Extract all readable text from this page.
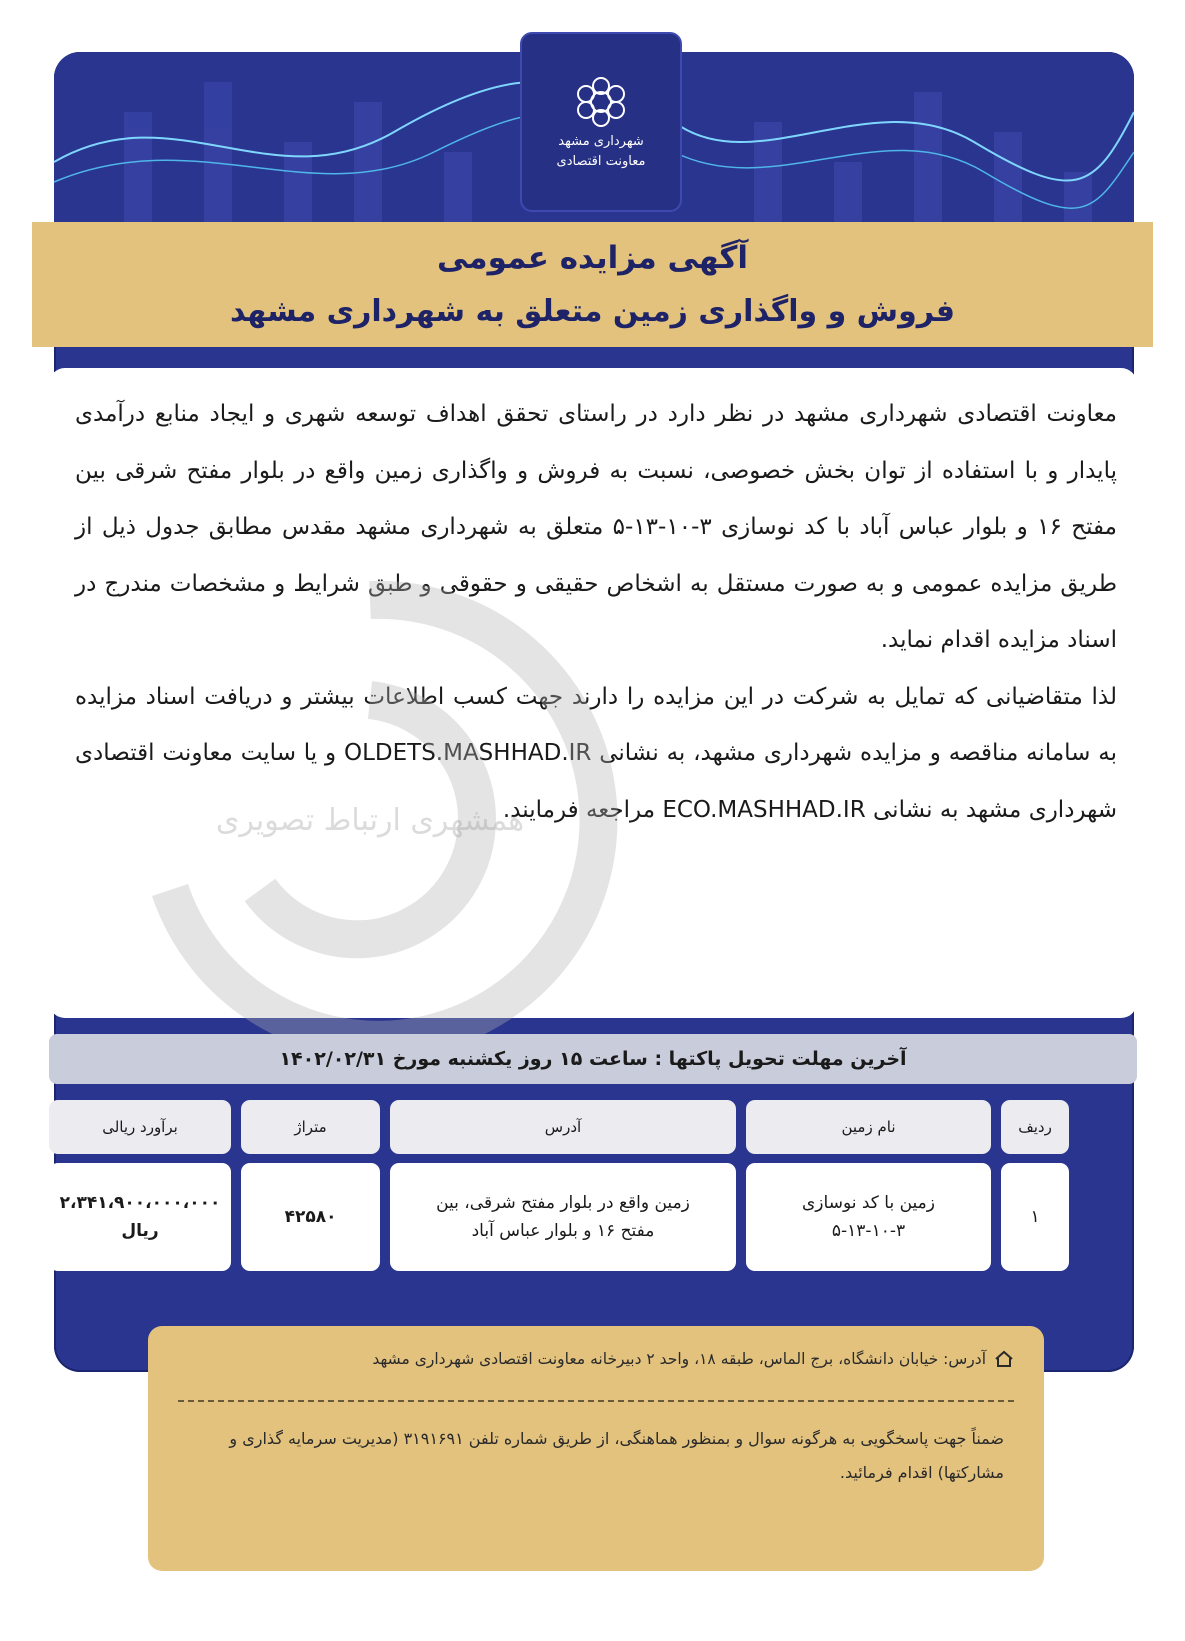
شهرداری مشهد
معاونت اقتصادی
آگهی مزایده عمومی
فروش و واگذاری زمین متعلق به شهرداری مشهد

معاونت اقتصادی شهرداری مشهد در نظر دارد در راستای تحقق اهداف توسعه شهری و ایجاد منابع درآمدی پایدار و با استفاده از توان بخش خصوصی، نسبت به فروش و واگذاری زمین واقع در بلوار مفتح شرقی بین مفتح ۱۶ و بلوار عباس آباد با کد نوسازی ۳-۱۰-۱۳-۵ متعلق به شهرداری مشهد مقدس مطابق جدول ذیل از طریق مزایده عمومی و به صورت مستقل به اشخاص حقیقی و حقوقی و طبق شرایط و مشخصات مندرج در اسناد مزایده اقدام نماید.

لذا متقاضیانی که تمایل به شرکت در این مزایده را دارند جهت کسب اطلاعات بیشتر و دریافت اسناد مزایده به سامانه مناقصه و مزایده شهرداری مشهد، به نشانی OLDETS.MASHHAD.IR و یا سایت معاونت اقتصادی شهرداری مشهد به نشانی ECO.MASHHAD.IR مراجعه فرمایند.

همشهری ارتباط تصویری
آخرین مهلت تحویل پاکتها : ساعت ۱۵ روز یکشنبه مورخ ۱۴۰۲/۰۲/۳۱
ردیف
نام زمین
آدرس
متراژ
برآورد ریالی
۱
زمین با کد نوسازی ۳-۱۰-۱۳-۵
زمین واقع در بلوار مفتح شرقی، بین مفتح ۱۶ و بلوار عباس آباد
۴۲۵۸۰
۲،۳۴۱،۹۰۰،۰۰۰،۰۰۰ ریال
آدرس: خیابان دانشگاه، برج الماس، طبقه ۱۸، واحد ۲ دبیرخانه معاونت اقتصادی شهرداری مشهد
ضمناً جهت پاسخگویی به هرگونه سوال و بمنظور هماهنگی، از طریق شماره تلفن ۳۱۹۱۶۹۱ (مدیریت سرمایه گذاری و مشارکتها) اقدام فرمائید.
